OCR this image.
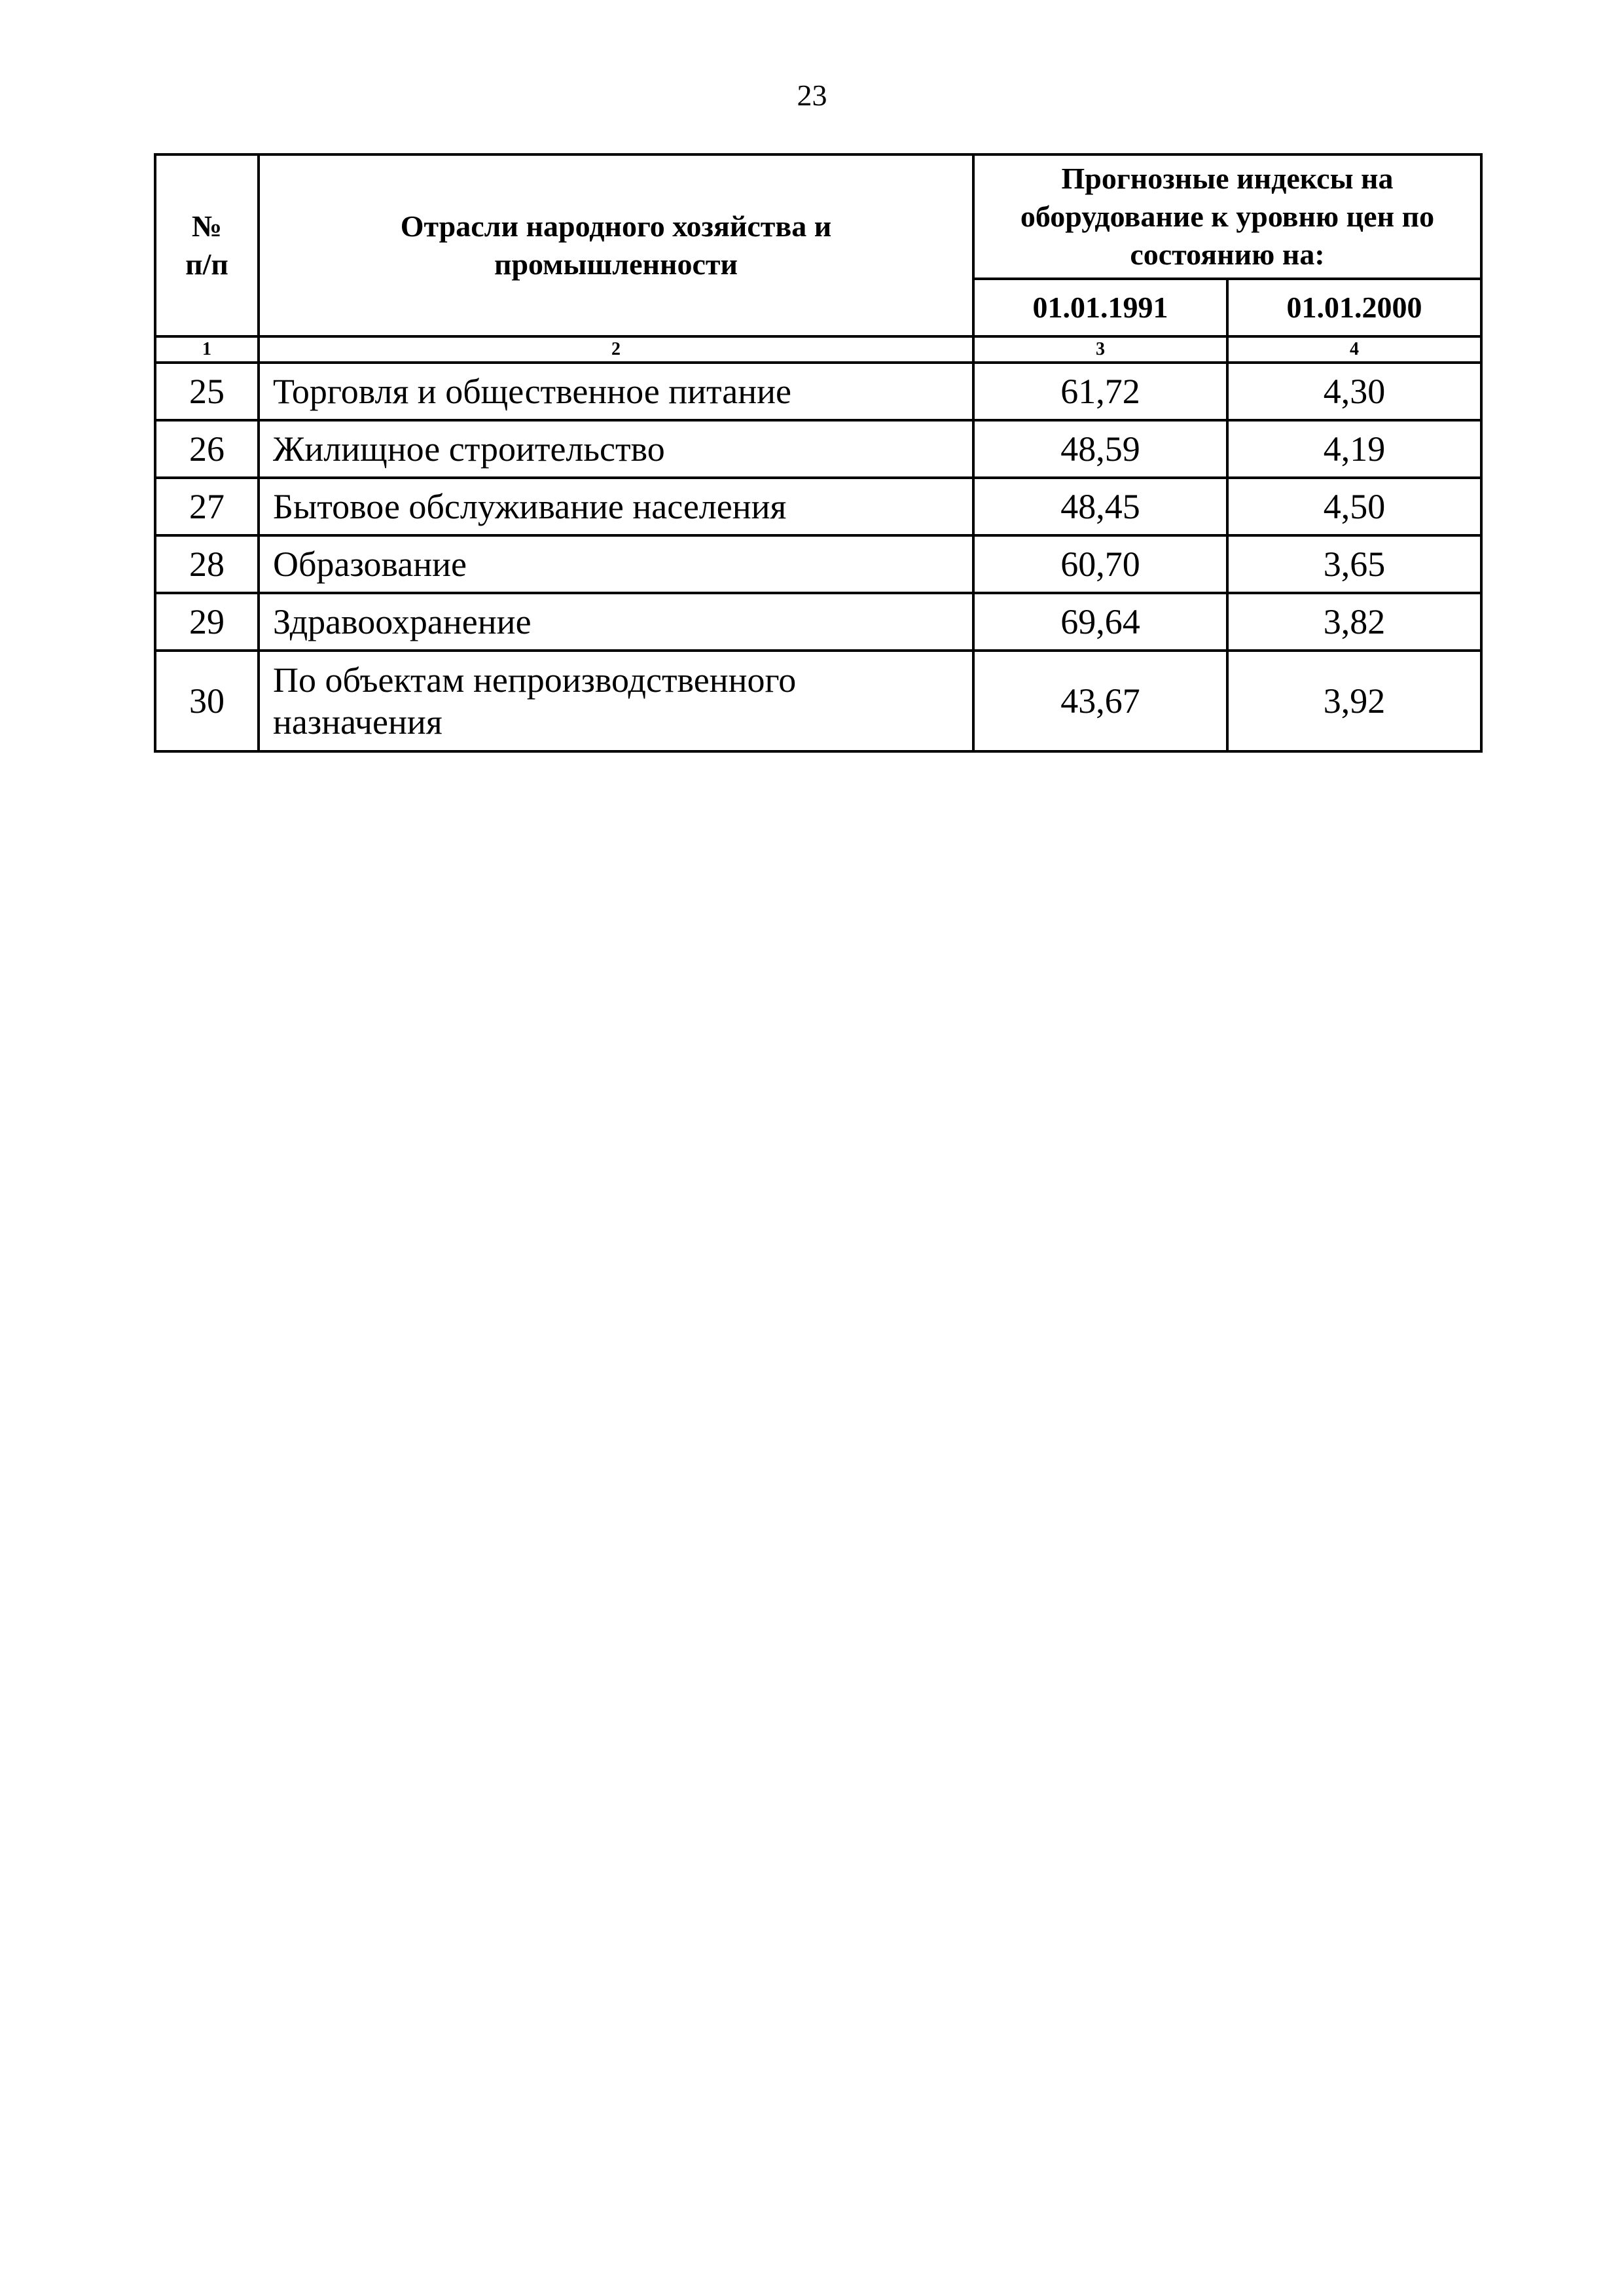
23
№ п/п	Отрасли народного хозяйства и промышленности	Прогнозные индексы на оборудование к уровню цен по состоянию на:	

		01.01.1991	01.01.2000
1	2	3	4
25	Торговля и общественное питание	61,72	4,30
26	Жилищное строительство	48,59	4,19
27	Бытовое обслуживание населения	48,45	4,50
28	Образование	60,70	3,65
29	Здравоохранение	69,64	3,82
30	По объектам непроизводственного назначения	43,67	3,92
